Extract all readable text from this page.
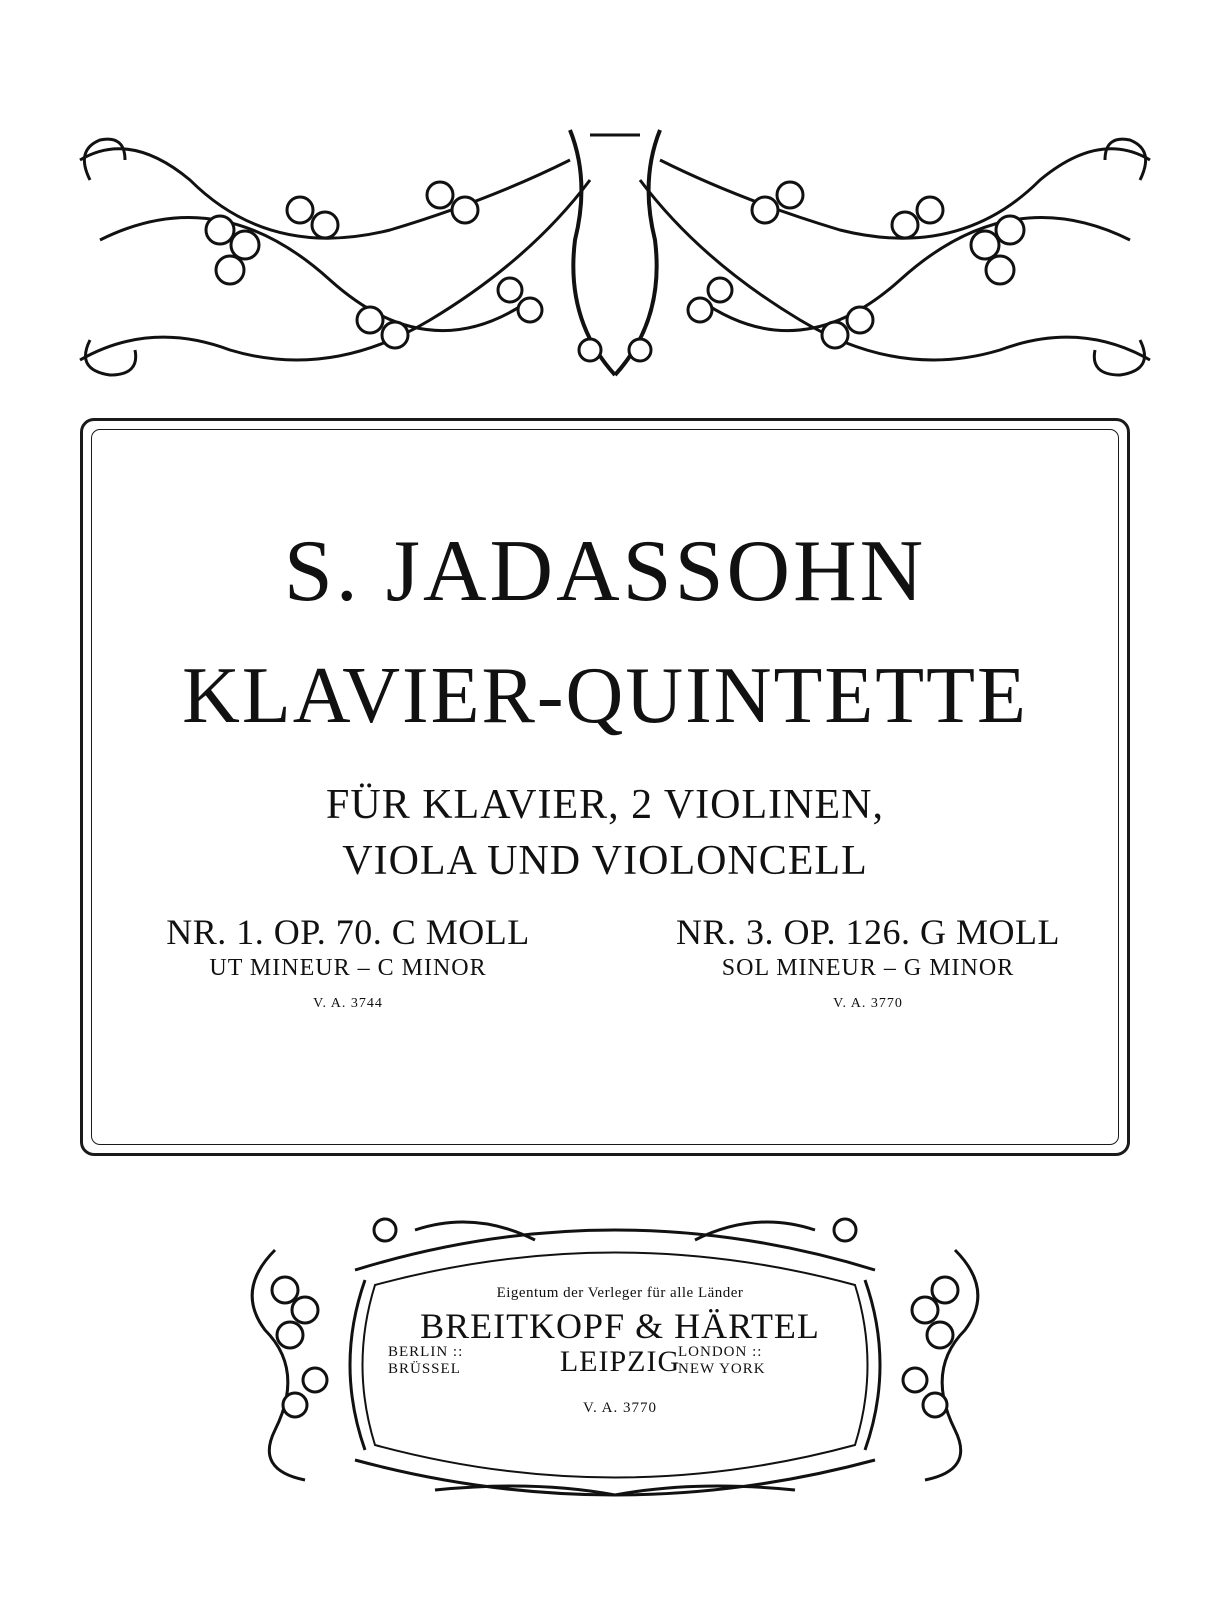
S. JADASSOHN
KLAVIER-QUINTETTE
FÜR KLAVIER, 2 VIOLINEN,
VIOLA UND VIOLONCELL
NR. 1. OP. 70. C MOLL
UT MINEUR – C MINOR
V. A. 3744
NR. 3. OP. 126. G MOLL
SOL MINEUR – G MINOR
V. A. 3770
Eigentum der Verleger für alle Länder
BREITKOPF & HÄRTEL
LEIPZIG
BERLIN ::
BRÜSSEL
LONDON ::
NEW YORK
V. A. 3770
